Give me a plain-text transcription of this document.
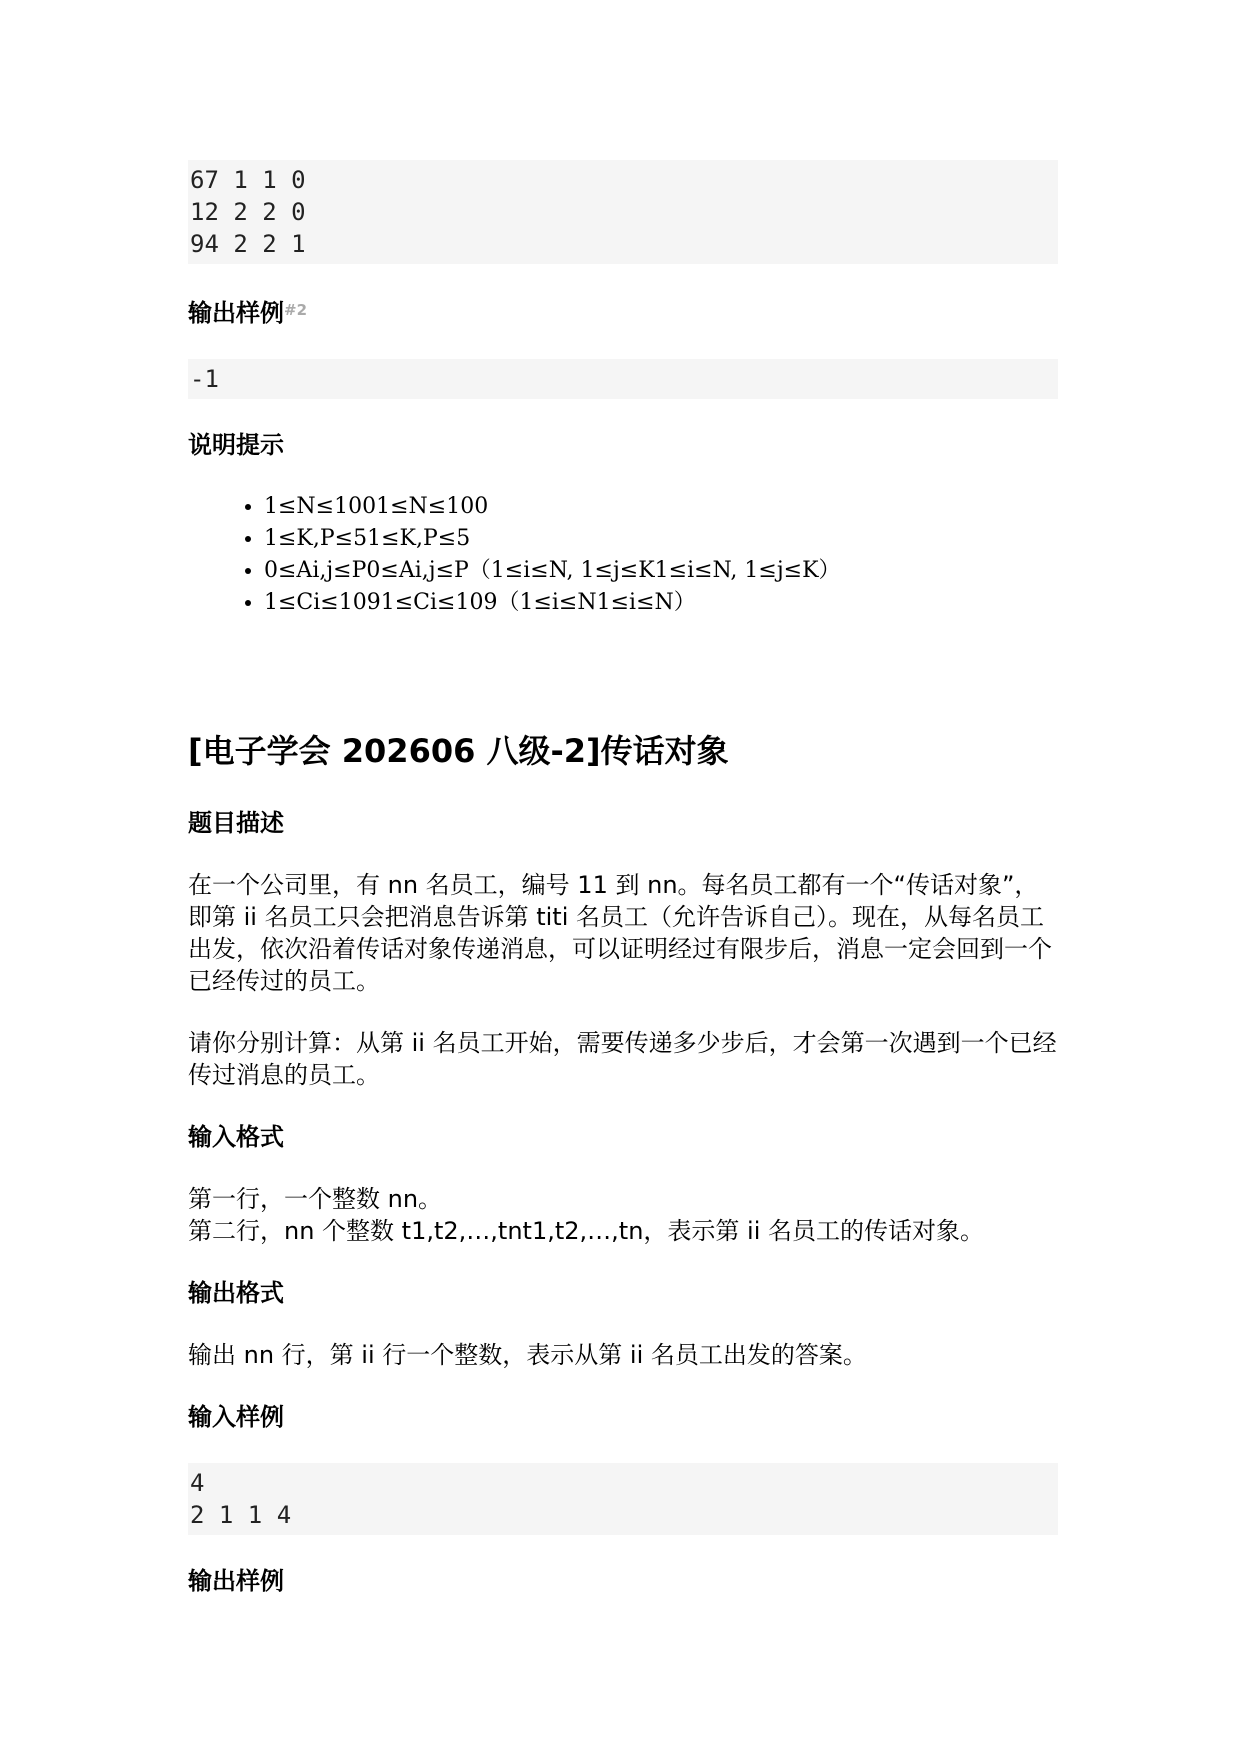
67 1 1 0
12 2 2 0
94 2 2 1
输出样例$^{\#2}$
-1
说明提示
• 1≤N≤1001≤N≤100
• 1≤K,P≤51≤K,P≤5
• 0≤Ai,j≤P0≤Ai,j≤P（1≤i≤N, 1≤j≤K1≤i≤N, 1≤j≤K）
• 1≤Ci≤1091≤Ci≤109（1≤i≤N1≤i≤N）
[电子学会 202606 八级-2]传话对象
题目描述

在一个公司里，有 nn 名员工，编号 11 到 nn。每名员工都有一个“传话对象”，即第 ii 名员工只会把消息告诉第 titi 名员工（允许告诉自己）。现在，从每名员工出发，依次沿着传话对象传递消息，可以证明经过有限步后，消息一定会回到一个已经传过的员工。

请你分别计算：从第 ii 名员工开始，需要传递多少步后，才会第一次遇到一个已经传过消息的员工。

输入格式

第一行，一个整数 nn。

第二行，nn 个整数 t1,t2,…,tnt1,t2,…,tn，表示第 ii 名员工的传话对象。

输出格式

输出 nn 行，第 ii 行一个整数，表示从第 ii 名员工出发的答案。

输入样例
4
2 1 1 4
输出样例
